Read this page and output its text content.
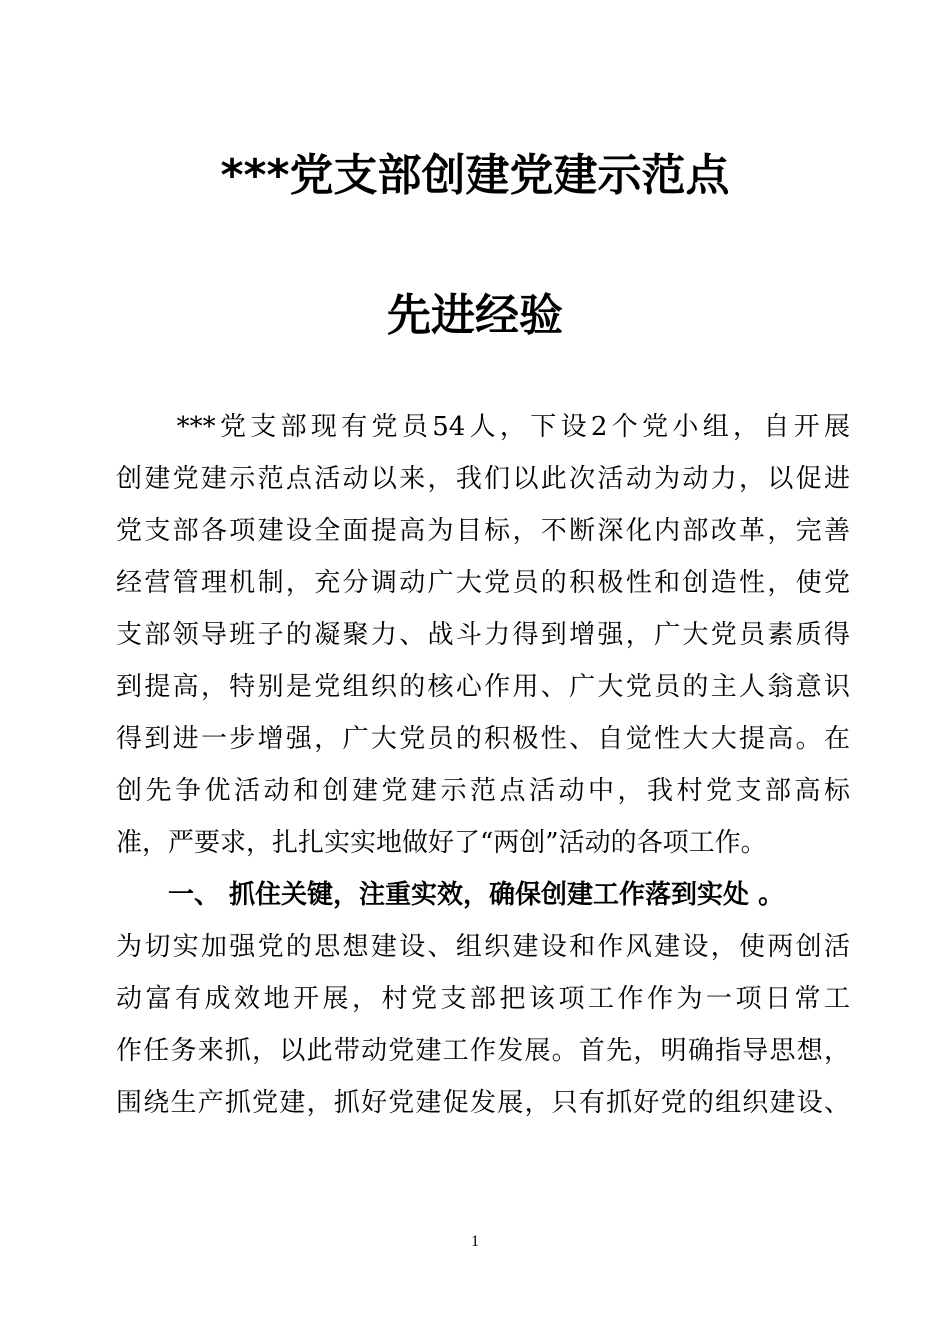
***党支部创建党建示范点
先进经验
　　***党支部现有党员54人，下设2个党小组，自开展
创建党建示范点活动以来，我们以此次活动为动力，以促进
党支部各项建设全面提高为目标，不断深化内部改革，完善
经营管理机制，充分调动广大党员的积极性和创造性，使党
支部领导班子的凝聚力、战斗力得到增强，广大党员素质得
到提高，特别是党组织的核心作用、广大党员的主人翁意识
得到进一步增强，广大党员的积极性、自觉性大大提高。在
创先争优活动和创建党建示范点活动中，我村党支部高标
准，严要求，扎扎实实地做好了“两创”活动的各项工作。
　　一、 抓住关键，注重实效，确保创建工作落到实处 。
为切实加强党的思想建设、组织建设和作风建设，使两创活
动富有成效地开展，村党支部把该项工作作为一项日常工
作任务来抓，以此带动党建工作发展。首先，明确指导思想，
围绕生产抓党建，抓好党建促发展，只有抓好党的组织建设、
1
